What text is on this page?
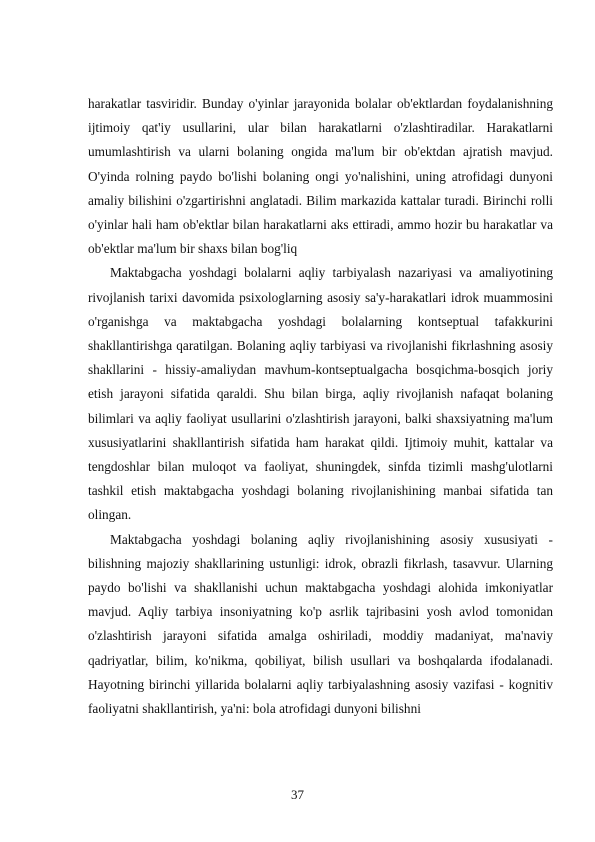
harakatlar tasviridir. Bunday o'yinlar jarayonida bolalar ob'ektlardan foydalanishning ijtimoiy qat'iy usullarini, ular bilan harakatlarni o'zlashtiradilar. Harakatlarni umumlashtirish va ularni bolaning ongida ma'lum bir ob'ektdan ajratish mavjud. O'yinda rolning paydo bo'lishi bolaning ongi yo'nalishini, uning atrofidagi dunyoni amaliy bilishini o'zgartirishni anglatadi. Bilim markazida kattalar turadi. Birinchi rolli o'yinlar hali ham ob'ektlar bilan harakatlarni aks ettiradi, ammo hozir bu harakatlar va ob'ektlar ma'lum bir shaxs bilan bog'liq

Maktabgacha yoshdagi bolalarni aqliy tarbiyalash nazariyasi va amaliyotining rivojlanish tarixi davomida psixologlarning asosiy sa'y-harakatlari idrok muammosini o'rganishga va maktabgacha yoshdagi bolalarning kontseptual tafakkurini shakllantirishga qaratilgan. Bolaning aqliy tarbiyasi va rivojlanishi fikrlashning asosiy shakllarini - hissiy-amaliydan mavhum-kontseptualgacha bosqichma-bosqich joriy etish jarayoni sifatida qaraldi. Shu bilan birga, aqliy rivojlanish nafaqat bolaning bilimlari va aqliy faoliyat usullarini o'zlashtirish jarayoni, balki shaxsiyatning ma'lum xususiyatlarini shakllantirish sifatida ham harakat qildi. Ijtimoiy muhit, kattalar va tengdoshlar bilan muloqot va faoliyat, shuningdek, sinfda tizimli mashg'ulotlarni tashkil etish maktabgacha yoshdagi bolaning rivojlanishining manbai sifatida tan olingan.

Maktabgacha yoshdagi bolaning aqliy rivojlanishining asosiy xususiyati - bilishning majoziy shakllarining ustunligi: idrok, obrazli fikrlash, tasavvur. Ularning paydo bo'lishi va shakllanishi uchun maktabgacha yoshdagi alohida imkoniyatlar mavjud. Aqliy tarbiya insoniyatning ko'p asrlik tajribasini yosh avlod tomonidan o'zlashtirish jarayoni sifatida amalga oshiriladi, moddiy madaniyat, ma'naviy qadriyatlar, bilim, ko'nikma, qobiliyat, bilish usullari va boshqalarda ifodalanadi. Hayotning birinchi yillarida bolalarni aqliy tarbiyalashning asosiy vazifasi - kognitiv faoliyatni shakllantirish, ya'ni: bola atrofidagi dunyoni bilishni

37
